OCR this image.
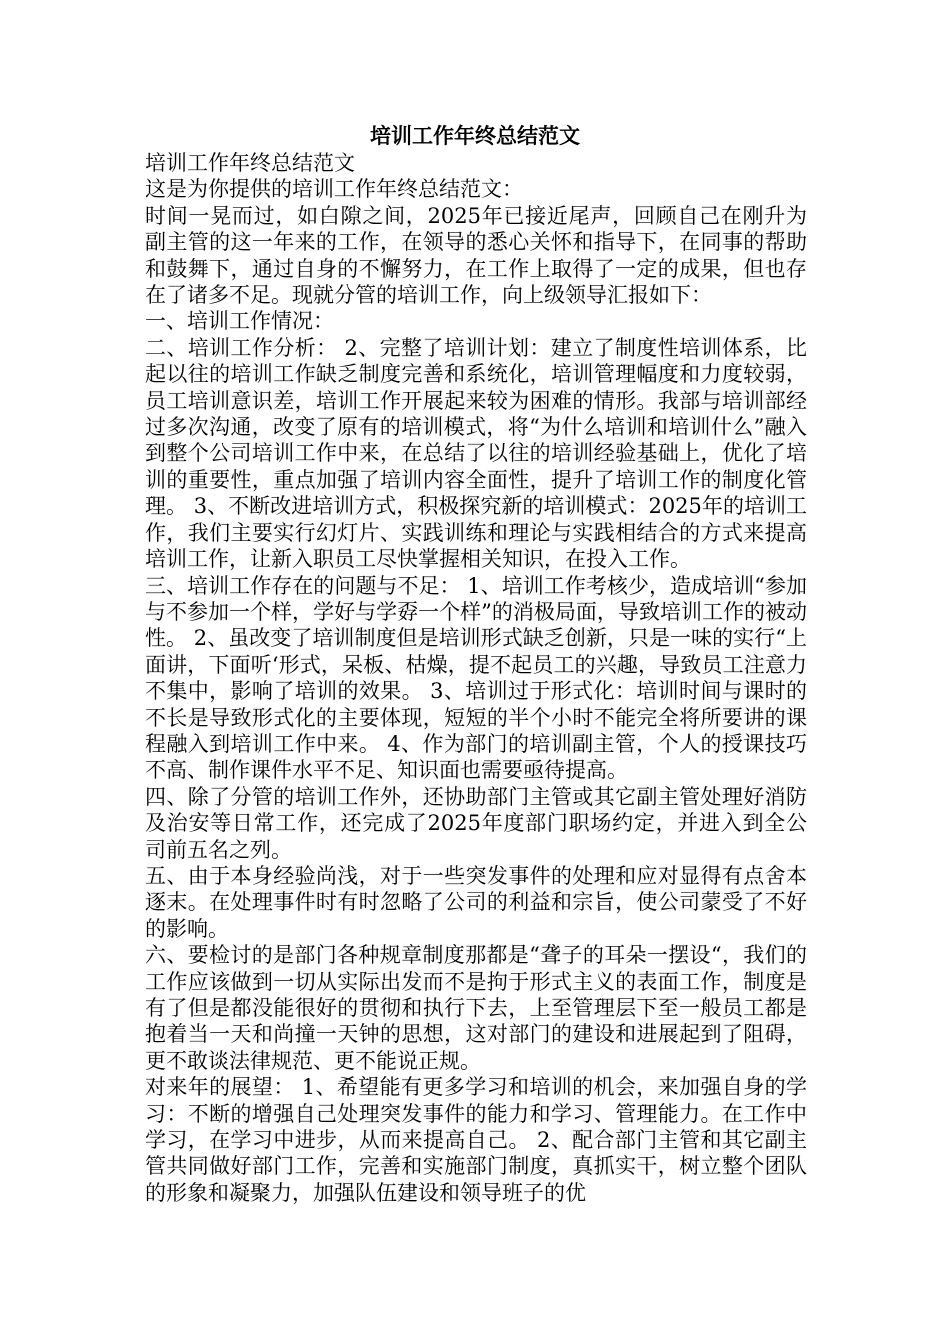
培训工作年终总结范文

培训工作年终总结范文

这是为你提供的培训工作年终总结范文：

时间一晃而过，如白隙之间，2025年已接近尾声，回顾自己在刚升为副主管的这一年来的工作，在领导的悉心关怀和指导下，在同事的帮助和鼓舞下，通过自身的不懈努力，在工作上取得了一定的成果，但也存在了诸多不足。现就分管的培训工作，向上级领导汇报如下：

一、培训工作情况：

二、培训工作分析： 2、完整了培训计划：建立了制度性培训体系，比起以往的培训工作缺乏制度完善和系统化，培训管理幅度和力度较弱，员工培训意识差，培训工作开展起来较为困难的情形。我部与培训部经过多次沟通，改变了原有的培训模式，将“为什么培训和培训什么”融入到整个公司培训工作中来，在总结了以往的培训经验基础上，优化了培训的重要性，重点加强了培训内容全面性，提升了培训工作的制度化管理。 3、不断改进培训方式，积极探究新的培训模式：2025年的培训工作，我们主要实行幻灯片、实践训练和理论与实践相结合的方式来提高培训工作，让新入职员工尽快掌握相关知识，在投入工作。

三、培训工作存在的问题与不足： 1、培训工作考核少，造成培训“参加与不参加一个样，学好与学孬一个样”的消极局面，导致培训工作的被动性。 2、虽改变了培训制度但是培训形式缺乏创新，只是一味的实行“上面讲，下面听‘形式，呆板、枯燥，提不起员工的兴趣，导致员工注意力不集中，影响了培训的效果。 3、培训过于形式化：培训时间与课时的不长是导致形式化的主要体现，短短的半个小时不能完全将所要讲的课程融入到培训工作中来。 4、作为部门的培训副主管，个人的授课技巧不高、制作课件水平不足、知识面也需要亟待提高。

四、除了分管的培训工作外，还协助部门主管或其它副主管处理好消防及治安等日常工作，还完成了2025年度部门职场约定，并进入到全公司前五名之列。

五、由于本身经验尚浅，对于一些突发事件的处理和应对显得有点舍本逐末。在处理事件时有时忽略了公司的利益和宗旨，使公司蒙受了不好的影响。

六、要检讨的是部门各种规章制度那都是“聋子的耳朵一摆设“，我们的工作应该做到一切从实际出发而不是拘于形式主义的表面工作，制度是有了但是都没能很好的贯彻和执行下去，上至管理层下至一般员工都是抱着当一天和尚撞一天钟的思想，这对部门的建设和进展起到了阻碍，更不敢谈法律规范、更不能说正规。

对来年的展望： 1、希望能有更多学习和培训的机会，来加强自身的学习：不断的增强自己处理突发事件的能力和学习、管理能力。在工作中学习，在学习中进步，从而来提高自己。 2、配合部门主管和其它副主管共同做好部门工作，完善和实施部门制度，真抓实干，树立整个团队的形象和凝聚力，加强队伍建设和领导班子的优
